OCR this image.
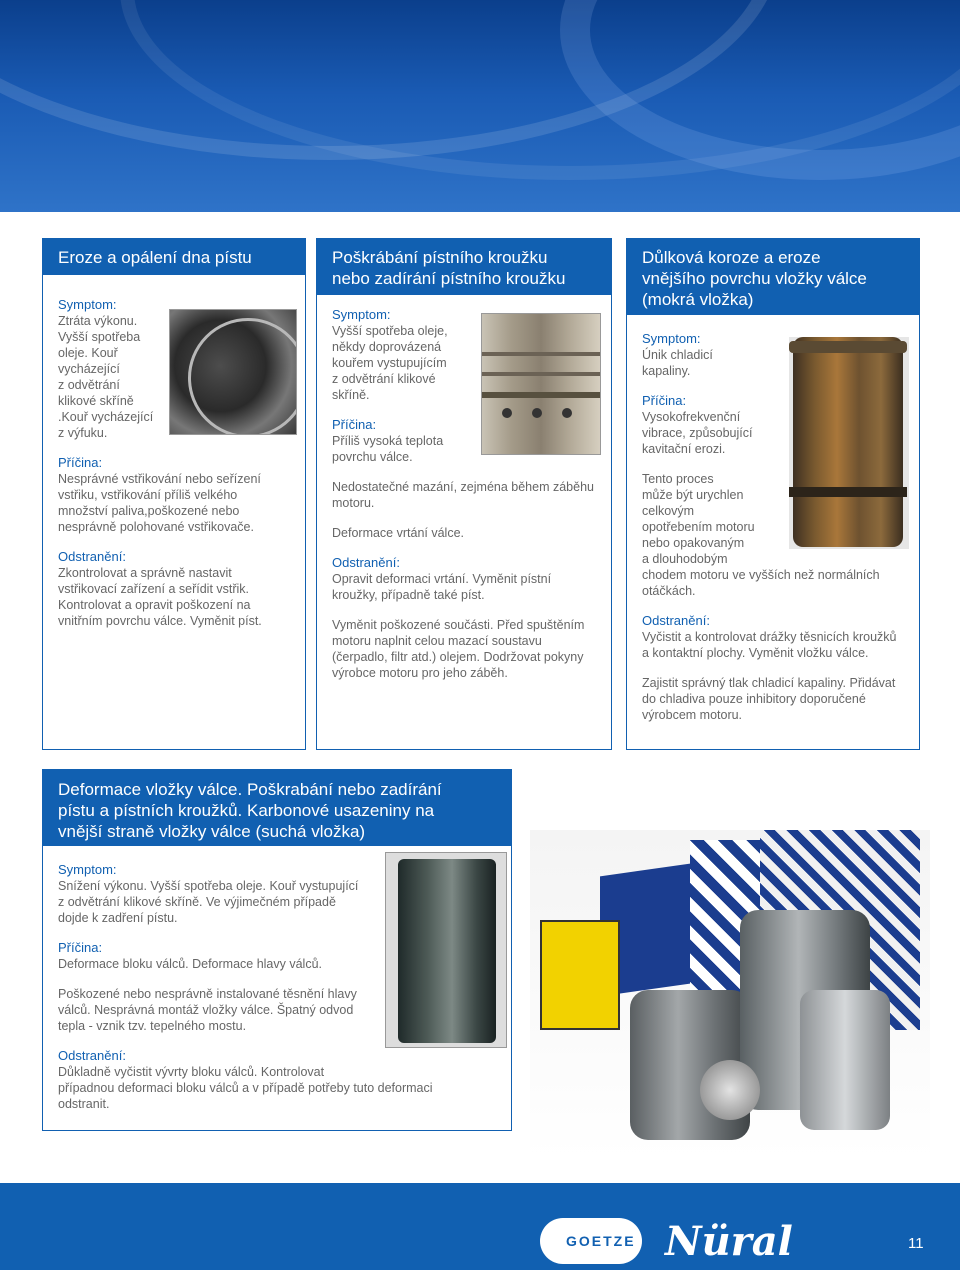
Eroze a opálení dna pístu
Symptom:
Ztráta výkonu.
Vyšší spotřeba
oleje. Kouř
vycházející
z odvětrání
klikové skříně
.Kouř vycházející
z výfuku.
Příčina:
Nesprávné vstřikování nebo seřízení
vstřiku, vstřikování příliš velkého
množství paliva,poškozené nebo
nesprávně polohované vstřikovače.
Odstranění:
Zkontrolovat a správně nastavit
vstřikovací zařízení a seřídit vstřik.
Kontrolovat a opravit poškození na
vnitřním povrchu válce. Vyměnit píst.
Poškrábání pístního kroužku
nebo zadírání pístního kroužku
Symptom:
Vyšší spotřeba oleje,
někdy doprovázená
kouřem vystupujícím
z odvětrání klikové
skříně.
Příčina:
Příliš vysoká teplota
povrchu válce.
Nedostatečné mazání, zejména během záběhu
motoru.
Deformace vrtání válce.
Odstranění:
Opravit deformaci vrtání. Vyměnit pístní
kroužky, případně také píst.
Vyměnit poškozené součásti. Před spuštěním
motoru naplnit celou mazací soustavu
(čerpadlo, filtr atd.) olejem. Dodržovat pokyny
výrobce motoru pro jeho záběh.
Důlková koroze a eroze
vnějšího povrchu vložky válce
(mokrá vložka)
Symptom:
Únik chladicí
kapaliny.
Příčina:
Vysokofrekvenční
vibrace, způsobující
kavitační erozi.
Tento proces
může být urychlen
celkovým
opotřebením motoru
nebo opakovaným
a dlouhodobým
chodem motoru ve vyšších než normálních
otáčkách.
Odstranění:
Vyčistit a kontrolovat drážky těsnicích kroužků
a kontaktní plochy. Vyměnit vložku válce.
Zajistit správný tlak chladicí kapaliny. Přidávat
do chladiva pouze inhibitory doporučené
výrobcem motoru.
Deformace vložky válce. Poškrabání nebo zadírání
pístu a pístních kroužků. Karbonové usazeniny na
vnější straně vložky válce (suchá vložka)
Symptom:
Snížení výkonu. Vyšší spotřeba oleje. Kouř vystupující
z odvětrání klikové skříně. Ve výjimečném případě
dojde k zadření pístu.
Příčina:
Deformace bloku válců. Deformace hlavy válců.
Poškozené nebo nesprávně instalované těsnění hlavy
válců. Nesprávná montáž vložky válce. Špatný odvod
tepla - vznik tzv. tepelného mostu.
Odstranění:
Důkladně vyčistit vývrty bloku válců. Kontrolovat
případnou deformaci bloku válců a v případě potřeby tuto deformaci
odstranit.
GOETZE Nüral	11
